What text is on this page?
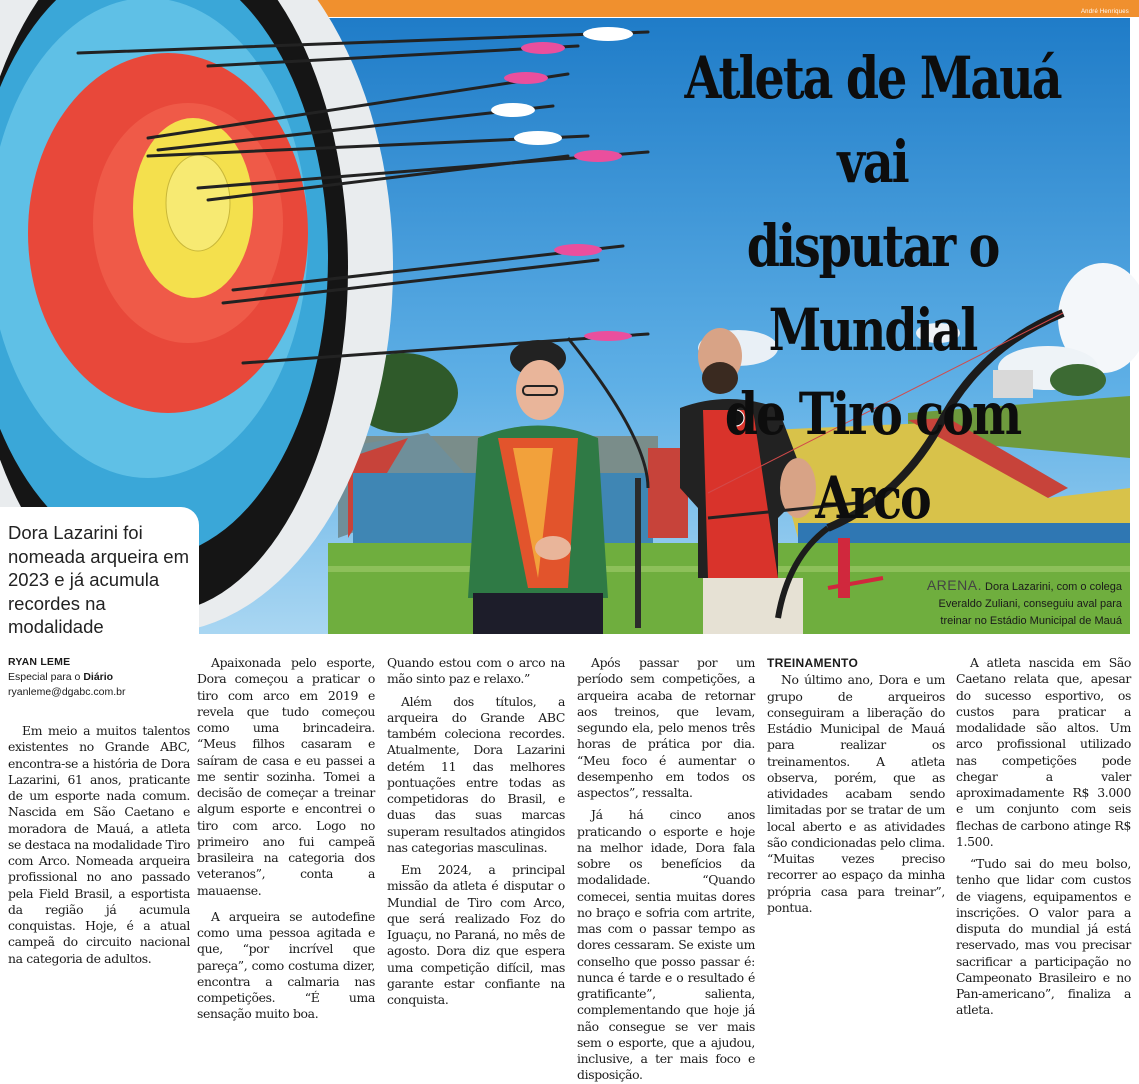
André Henriques
Atleta de Mauá vai
disputar o Mundial
de Tiro com Arco

Dora Lazarini foi nomeada arqueira em 2023 e já acumula recordes na modalidade

ARENA. Dora Lazarini, com o colega Everaldo Zuliani, conseguiu aval para treinar no Estádio Municipal de Mauá
RYAN LEME
Especial para o Diário
ryanleme@dgabc.com.br

Em meio a muitos talentos existentes no Grande ABC, encontra-se a história de Dora Lazarini, 61 anos, praticante de um esporte nada comum. Nascida em São Caetano e moradora de Mauá, a atleta se destaca na modalidade Tiro com Arco. Nomeada arqueira profissional no ano passado pela Field Brasil, a esportista da região já acumula conquistas. Hoje, é a atual campeã do circuito nacional na categoria de adultos.

Apaixonada pelo esporte, Dora começou a praticar o tiro com arco em 2019 e revela que tudo começou como uma brincadeira. “Meus filhos casaram e saíram de casa e eu passei a me sentir sozinha. Tomei a decisão de começar a treinar algum esporte e encontrei o tiro com arco. Logo no primeiro ano fui campeã brasileira na categoria dos veteranos”, conta a mauaense.

A arqueira se autodefine como uma pessoa agitada e que, “por incrível que pareça”, como costuma dizer, encontra a calmaria nas competições. “É uma sensação muito boa.

Quando estou com o arco na mão sinto paz e relaxo.”

Além dos títulos, a arqueira do Grande ABC também coleciona recordes. Atualmente, Dora Lazarini detém 11 das melhores pontuações entre todas as competidoras do Brasil, e duas das suas marcas superam resultados atingidos nas categorias masculinas.

Em 2024, a principal missão da atleta é disputar o Mundial de Tiro com Arco, que será realizado Foz do Iguaçu, no Paraná, no mês de agosto. Dora diz que espera uma competição difícil, mas garante estar confiante na conquista.

Após passar por um período sem competições, a arqueira acaba de retornar aos treinos, que levam, segundo ela, pelo menos três horas de prática por dia. “Meu foco é aumentar o desempenho em todos os aspectos”, ressalta.

Já há cinco anos praticando o esporte e hoje na melhor idade, Dora fala sobre os benefícios da modalidade. “Quando comecei, sentia muitas dores no braço e sofria com artrite, mas com o passar tempo as dores cessaram. Se existe um conselho que posso passar é: nunca é tarde e o resultado é gratificante”, salienta, complementando que hoje já não consegue se ver mais sem o esporte, que a ajudou, inclusive, a ter mais foco e disposição.

TREINAMENTO

No último ano, Dora e um grupo de arqueiros conseguiram a liberação do Estádio Municipal de Mauá para realizar os treinamentos. A atleta observa, porém, que as atividades acabam sendo limitadas por se tratar de um local aberto e as atividades são condicionadas pelo clima. “Muitas vezes preciso recorrer ao espaço da minha própria casa para treinar”, pontua.

A atleta nascida em São Caetano relata que, apesar do sucesso esportivo, os custos para praticar a modalidade são altos. Um arco profissional utilizado nas competições pode chegar a valer aproximadamente R$ 3.000 e um conjunto com seis flechas de carbono atinge R$ 1.500.

“Tudo sai do meu bolso, tenho que lidar com custos de viagens, equipamentos e inscrições. O valor para a disputa do mundial já está reservado, mas vou precisar sacrificar a participação no Campeonato Brasileiro e no Pan-americano”, finaliza a atleta.
